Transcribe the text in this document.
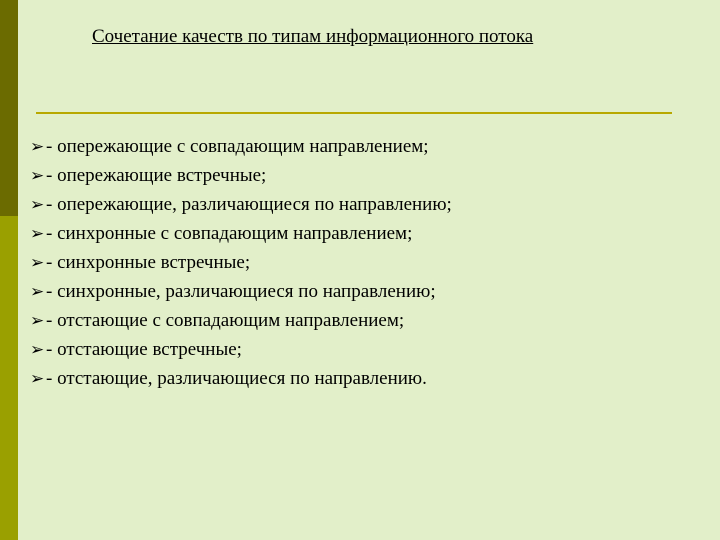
Сочетание качеств по типам информационного потока
➢ - опережающие с совпадающим направлением;
➢ - опережающие встречные;
➢ - опережающие, различающиеся по направлению;
➢ - синхронные с совпадающим направлением;
➢ - синхронные встречные;
➢ - синхронные, различающиеся по направлению;
➢ - отстающие с совпадающим направлением;
➢ - отстающие встречные;
➢ - отстающие, различающиеся по направлению.
